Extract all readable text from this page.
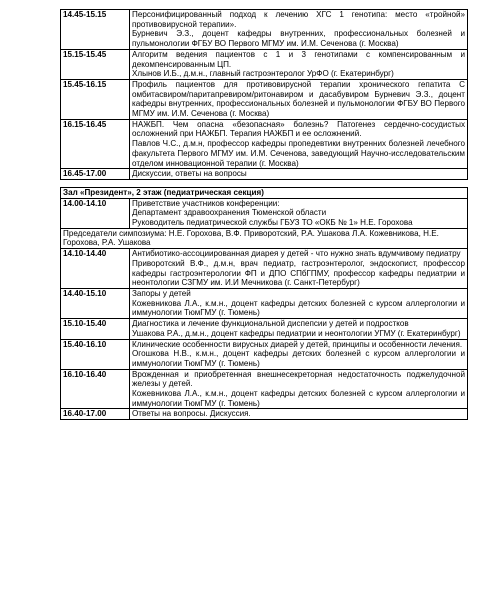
14.45-15.15	Персонифицированный подход к лечению ХГС 1 генотипа: место «тройной» противовирусной терапии».
Бурневич Э.З., доцент кафедры внутренних, профессиональных болезней и пульмонологии ФГБУ ВО Первого МГМУ им. И.М. Сеченова (г. Москва)

15.15-15.45	Алгоритм ведения пациентов с 1 и 3 генотипами с компенсированным и декомпенсированным ЦП.
Хлынов И.Б., д.м.н., главный гастроэнтеролог УрФО (г. Екатеринбург)

15.45-16.15	Профиль пациентов для противовирусной терапии хронического гепатита С омбитасвиром/паритапревиром/ритонавиром и дасабувиром Бурневич Э.З., доцент кафедры внутренних, профессиональных болезней и пульмонологии ФГБУ ВО Первого МГМУ им. И.М. Сеченова (г. Москва)

16.15-16.45	НАЖБП. Чем опасна «безопасная» болезнь? Патогенез сердечно-сосудистых осложнений при НАЖБП. Терапия НАЖБП и ее осложнений.
Павлов Ч.С., д.м.н, профессор кафедры пропедевтики внутренних болезней лечебного факультета Первого МГМУ им. И.М. Сеченова, заведующий Научно-исследовательским отделом инновационной терапии (г. Москва)

16.45-17.00	Дискуссии, ответы на вопросы

Зал «Президент», 2 этаж (педиатрическая секция)	
14.00-14.10	Приветствие участников конференции:
Департамент здравоохранения Тюменской области
Руководитель педиатрической службы ГБУЗ ТО «ОКБ № 1» Н.Е. Горохова

Председатели симпозиума: Н.Е. Горохова, В.Ф. Приворотский, Р.А. Ушакова Л.А. Кожевникова, Н.Е. Горохова, Р.А. Ушакова	
14.10-14.40	Антибиотико-ассоциированная диарея у детей - что нужно знать вдумчивому педиатру
Приворотский В.Ф., д.м.н, врач педиатр, гастроэнтеролог, эндоскопист, профессор кафедры гастроэнтерологии ФП и ДПО СПбГПМУ, профессор кафедры педиатрии и неонтологии СЗГМУ им. И.И Мечникова (г. Санкт-Петербург)

14.40-15.10	Запоры у детей
Кожевникова Л.А., к.м.н., доцент кафедры детских болезней с курсом аллергологии и иммунологии ТюмГМУ (г. Тюмень)

15.10-15.40	Диагностика и лечение функциональной диспепсии у детей и подростков
Ушакова Р.А., д.м.н., доцент кафедры педиатрии и неонтологии УГМУ (г. Екатеринбург)

15.40-16.10	Клинические особенности вирусных диарей у детей, принципы и особенности лечения.
Огошкова Н.В., к.м.н., доцент кафедры детских болезней с курсом аллергологии и иммунологии ТюмГМУ (г. Тюмень)

16.10-16.40	Врожденная и приобретенная внешнесекреторная недостаточность поджелудочной железы у детей.
Кожевникова Л.А., к.м.н., доцент кафедры детских болезней с курсом аллергологии и иммунологии ТюмГМУ (г. Тюмень)

16.40-17.00	Ответы на вопросы. Дискуссия.
